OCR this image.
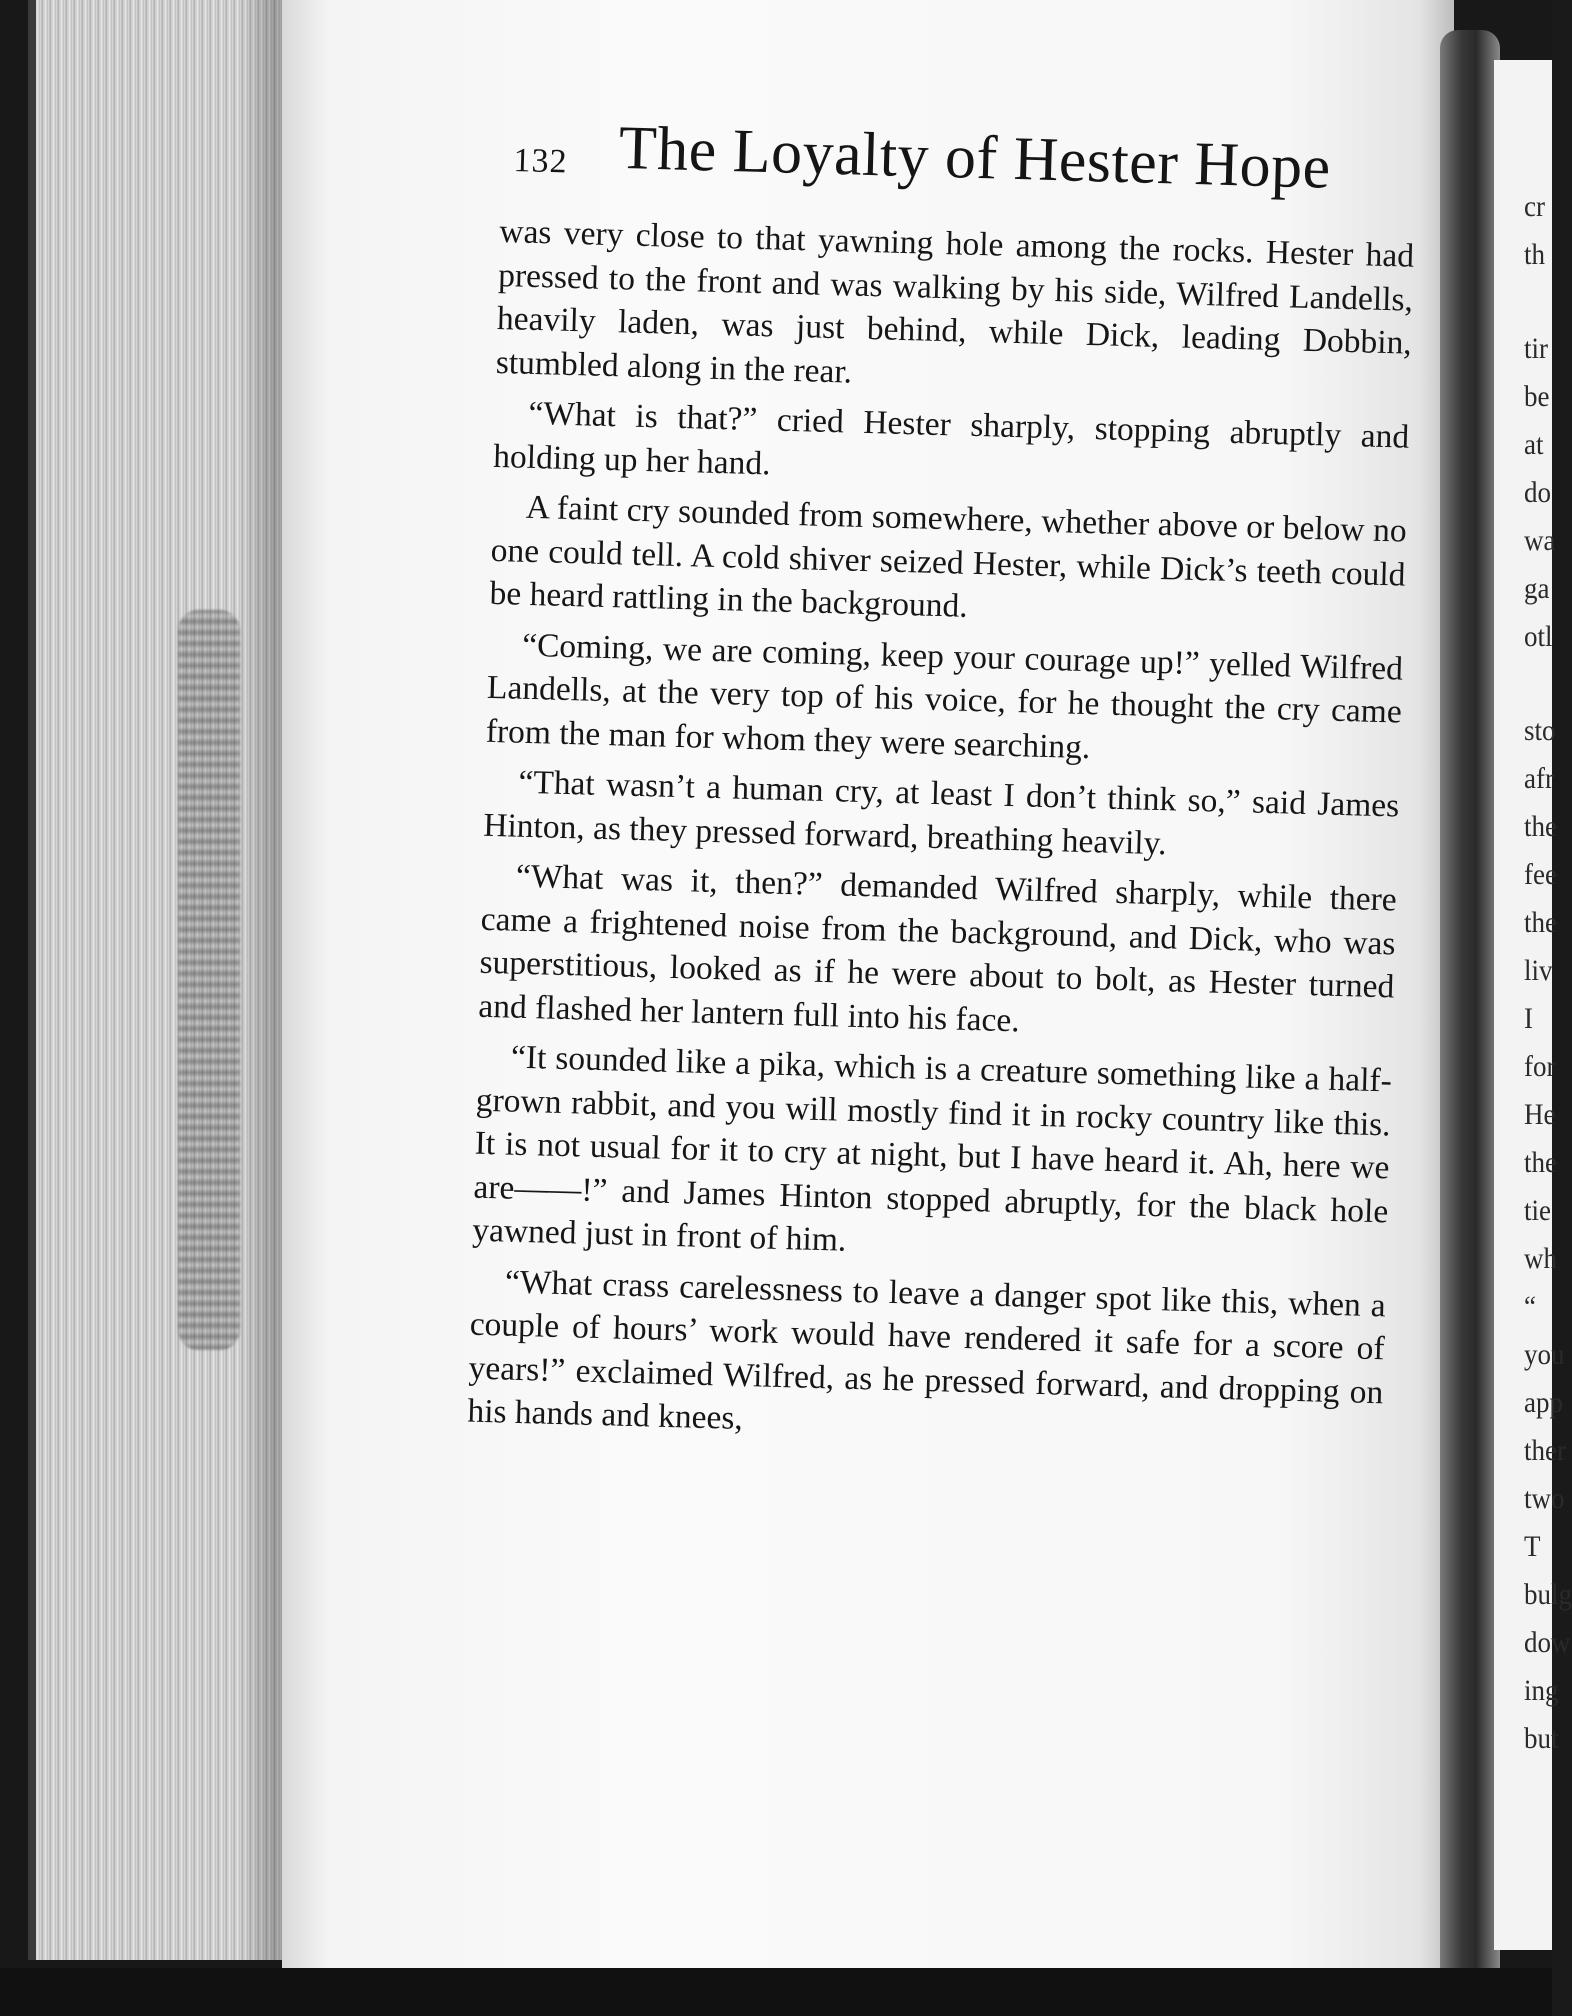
132 The Loyalty of Hester Hope

was very close to that yawning hole among the rocks. Hester had pressed to the front and was walking by his side, Wilfred Landells, heavily laden, was just behind, while Dick, leading Dobbin, stumbled along in the rear.

“What is that?” cried Hester sharply, stopping abruptly and holding up her hand.

A faint cry sounded from somewhere, whether above or below no one could tell. A cold shiver seized Hester, while Dick’s teeth could be heard rattling in the background.

“Coming, we are coming, keep your courage up!” yelled Wilfred Landells, at the very top of his voice, for he thought the cry came from the man for whom they were searching.

“That wasn’t a human cry, at least I don’t think so,” said James Hinton, as they pressed forward, breathing heavily.

“What was it, then?” demanded Wilfred sharply, while there came a frightened noise from the background, and Dick, who was superstitious, looked as if he were about to bolt, as Hester turned and flashed her lantern full into his face.

“It sounded like a pika, which is a creature something like a half-grown rabbit, and you will mostly find it in rocky country like this. It is not usual for it to cry at night, but I have heard it. Ah, here we are——!” and James Hinton stopped abruptly, for the black hole yawned just in front of him.

“What crass carelessness to leave a danger spot like this, when a couple of hours’ work would have rendered it safe for a score of years!” exclaimed Wilfred, as he pressed forward, and dropping on his hands and knees,

cr
th
tir
be
at
do
wa
ga
otl
sto
afr
the
fee
the
liv
I
for
He
the
tie
wh
“
you
app
ther
two
T
bulg
dow
ing
but
